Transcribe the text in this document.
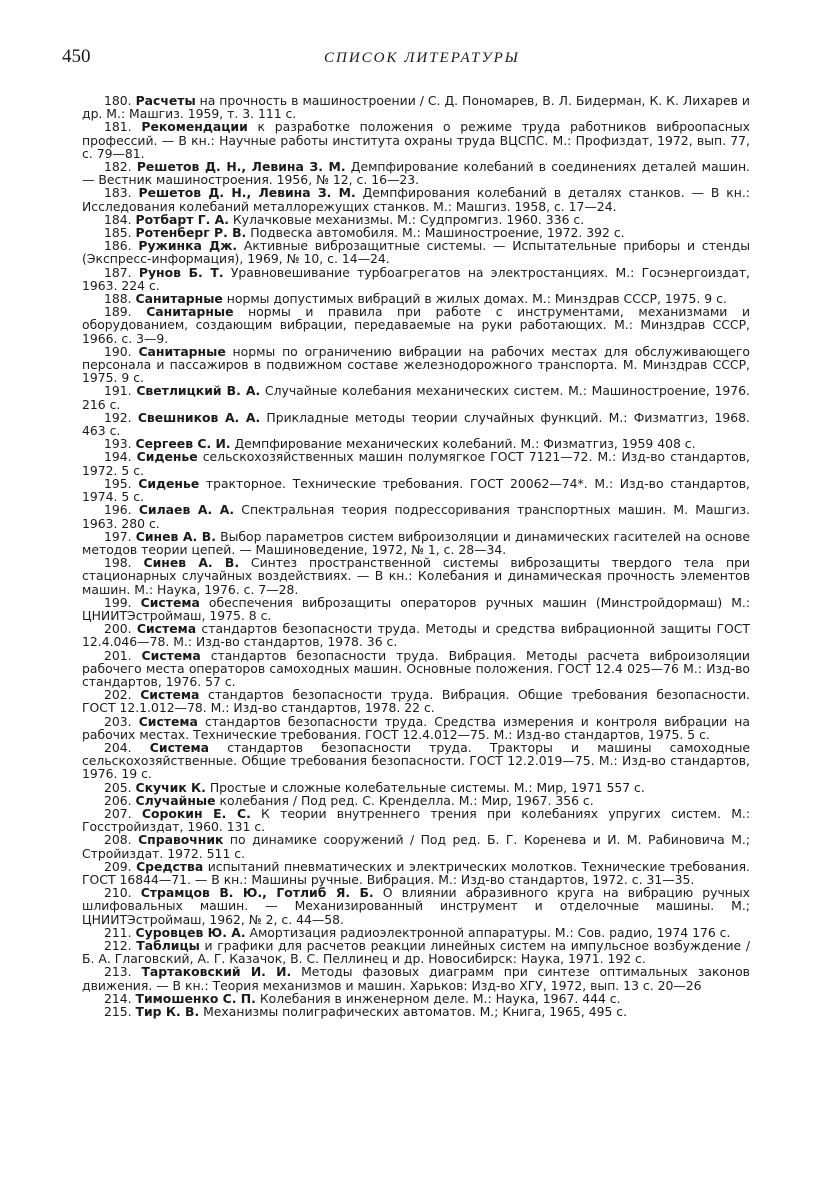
450	СПИСОК ЛИТЕРАТУРЫ
180. Расчеты на прочность в машиностроении / С. Д. Пономарев, В. Л. Бидерман, К. К. Лихарев и др. М.: Машгиз. 1959, т. 3. 111 с.
181. Рекомендации к разработке положения о режиме труда работников виброопасных профессий. — В кн.: Научные работы института охраны труда ВЦСПС. М.: Профиздат, 1972, вып. 77, с. 79—81.
182. Решетов Д. Н., Левина З. М. Демпфирование колебаний в соединениях деталей машин. — Вестник машиностроения. 1956, № 12, с. 16—23.
183. Решетов Д. Н., Левина З. М. Демпфирования колебаний в деталях станков. — В кн.: Исследования колебаний металлорежущих станков. М.: Машгиз. 1958, с. 17—24.
184. Ротбарт Г. А. Кулачковые механизмы. М.: Судпромгиз. 1960. 336 с.
185. Ротенберг Р. В. Подвеска автомобиля. М.: Машиностроение, 1972. 392 с.
186. Ружинка Дж. Активные виброзащитные системы. — Испытательные приборы и стенды (Экспресс-информация), 1969, № 10, с. 14—24.
187. Рунов Б. Т. Уравновешивание турбоагрегатов на электростанциях. М.: Госэнергоиздат, 1963. 224 с.
188. Санитарные нормы допустимых вибраций в жилых домах. М.: Минздрав СССР, 1975. 9 с.
189. Санитарные нормы и правила при работе с инструментами, механизмами и оборудованием, создающим вибрации, передаваемые на руки работающих. М.: Минздрав СССР, 1966. с. 3—9.
190. Санитарные нормы по ограничению вибрации на рабочих местах для обслуживающего персонала и пассажиров в подвижном составе железнодорожного транспорта. М. Минздрав СССР, 1975. 9 с.
191. Светлицкий В. А. Случайные колебания механических систем. М.: Машиностроение, 1976. 216 с.
192. Свешников А. А. Прикладные методы теории случайных функций. М.: Физматгиз, 1968. 463 с.
193. Сергеев С. И. Демпфирование механических колебаний. М.: Физматгиз, 1959 408 с.
194. Сиденье сельскохозяйственных машин полумягкое ГОСТ 7121—72. М.: Изд-во стандартов, 1972. 5 с.
195. Сиденье тракторное. Технические требования. ГОСТ 20062—74*. М.: Изд-во стандартов, 1974. 5 с.
196. Силаев А. А. Спектральная теория подрессоривания транспортных машин. М. Машгиз. 1963. 280 с.
197. Синев А. В. Выбор параметров систем виброизоляции и динамических гасителей на основе методов теории цепей. — Машиноведение, 1972, № 1, с. 28—34.
198. Синев А. В. Синтез пространственной системы виброзащиты твердого тела при стационарных случайных воздействиях. — В кн.: Колебания и динамическая прочность элементов машин. М.: Наука, 1976. с. 7—28.
199. Система обеспечения виброзащиты операторов ручных машин (Минстройдормаш) М.: ЦНИИТЭстроймаш, 1975. 8 с.
200. Система стандартов безопасности труда. Методы и средства вибрационной защиты ГОСТ 12.4.046—78. М.: Изд-во стандартов, 1978. 36 с.
201. Система стандартов безопасности труда. Вибрация. Методы расчета виброизоляции рабочего места операторов самоходных машин. Основные положения. ГОСТ 12.4 025—76 М.: Изд-во стандартов, 1976. 57 с.
202. Система стандартов безопасности труда. Вибрация. Общие требования безопасности. ГОСТ 12.1.012—78. М.: Изд-во стандартов, 1978. 22 с.
203. Система стандартов безопасности труда. Средства измерения и контроля вибрации на рабочих местах. Технические требования. ГОСТ 12.4.012—75. М.: Изд-во стандартов, 1975. 5 с.
204. Система стандартов безопасности труда. Тракторы и машины самоходные сельскохозяйственные. Общие требования безопасности. ГОСТ 12.2.019—75. М.: Изд-во стандартов, 1976. 19 с.
205. Скучик К. Простые и сложные колебательные системы. М.: Мир, 1971 557 с.
206. Случайные колебания / Под ред. С. Кренделла. М.: Мир, 1967. 356 с.
207. Сорокин Е. С. К теории внутреннего трения при колебаниях упругих систем. М.: Госстройиздат, 1960. 131 с.
208. Справочник по динамике сооружений / Под ред. Б. Г. Коренева и И. М. Рабиновича М.; Стройиздат. 1972. 511 с.
209. Средства испытаний пневматических и электрических молотков. Технические требования. ГОСТ 16844—71. — В кн.: Машины ручные. Вибрация. М.: Изд-во стандартов, 1972. с. 31—35.
210. Страмцов В. Ю., Готлиб Я. Б. О влиянии абразивного круга на вибрацию ручных шлифовальных машин. — Механизированный инструмент и отделочные машины. М.; ЦНИИТЭстроймаш, 1962, № 2, с. 44—58.
211. Суровцев Ю. А. Амортизация радиоэлектронной аппаратуры. М.: Сов. радио, 1974 176 с.
212. Таблицы и графики для расчетов реакции линейных систем на импульсное возбуждение / Б. А. Глаговский, А. Г. Казачок, В. С. Пеллинец и др. Новосибирск: Наука, 1971. 192 с.
213. Тартаковский И. И. Методы фазовых диаграмм при синтезе оптимальных законов движения. — В кн.: Теория механизмов и машин. Харьков: Изд-во ХГУ, 1972, вып. 13 с. 20—26
214. Тимошенко С. П. Колебания в инженерном деле. М.: Наука, 1967. 444 с.
215. Тир К. В. Механизмы полиграфических автоматов. М.; Книга, 1965, 495 с.
